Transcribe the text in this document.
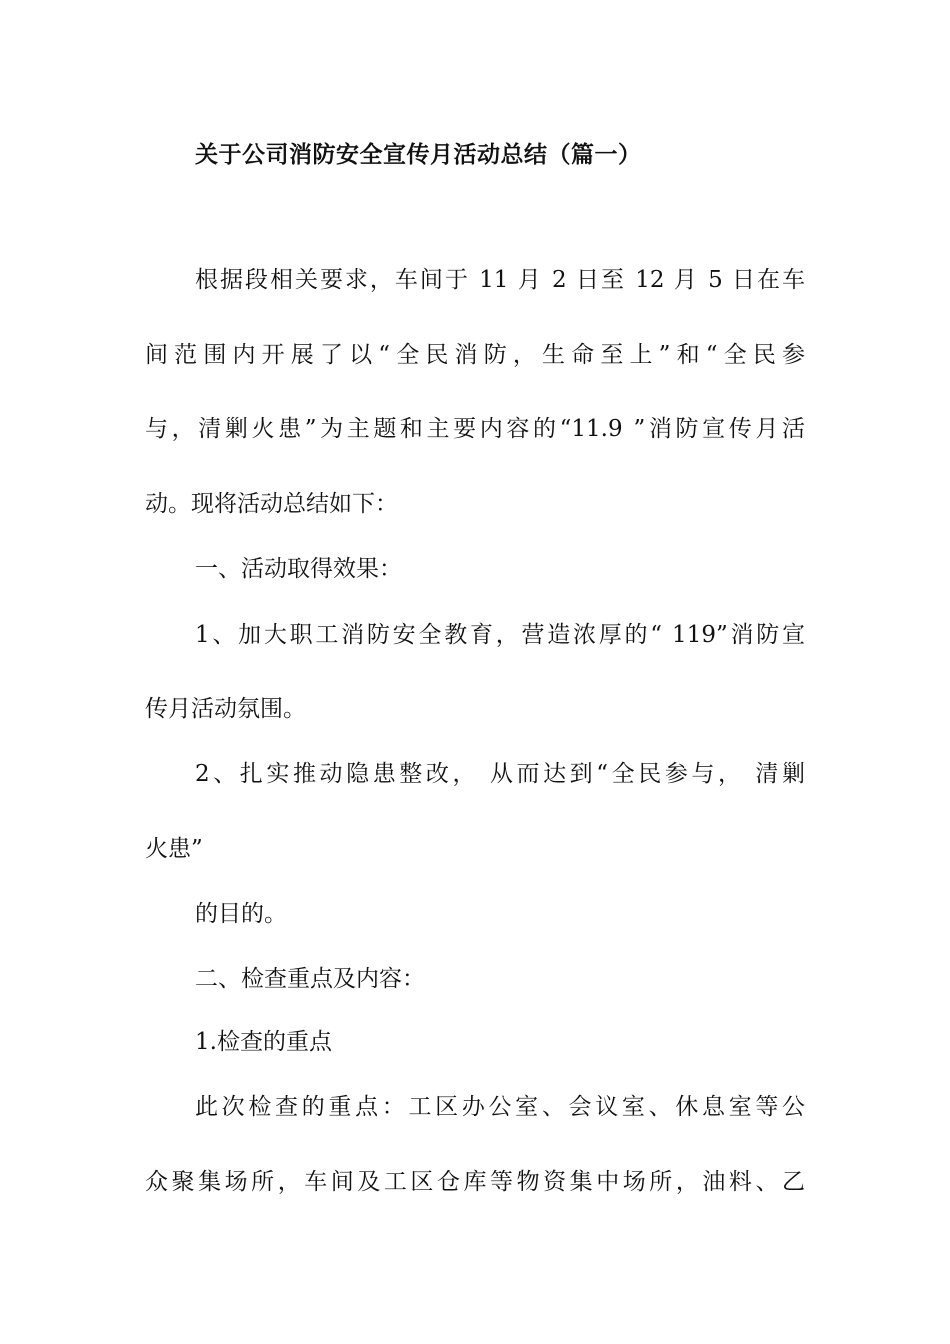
关于公司消防安全宣传月活动总结（篇一）
根据段相关要求，车间于 11 月 2 日至 12 月 5 日在车
间范围内开展了以“全民消防，生命至上”和“全民参
与，清剿火患”为主题和主要内容的“11.9 ”消防宣传月活
动。现将活动总结如下：
一、活动取得效果：
1、加大职工消防安全教育，营造浓厚的“ 119”消防宣
传月活动氛围。
2、扎实推动隐患整改， 从而达到“全民参与， 清剿
火患”
的目的。
二、检查重点及内容：
1.检查的重点
此次检查的重点：工区办公室、会议室、休息室等公
众聚集场所，车间及工区仓库等物资集中场所，油料、乙
